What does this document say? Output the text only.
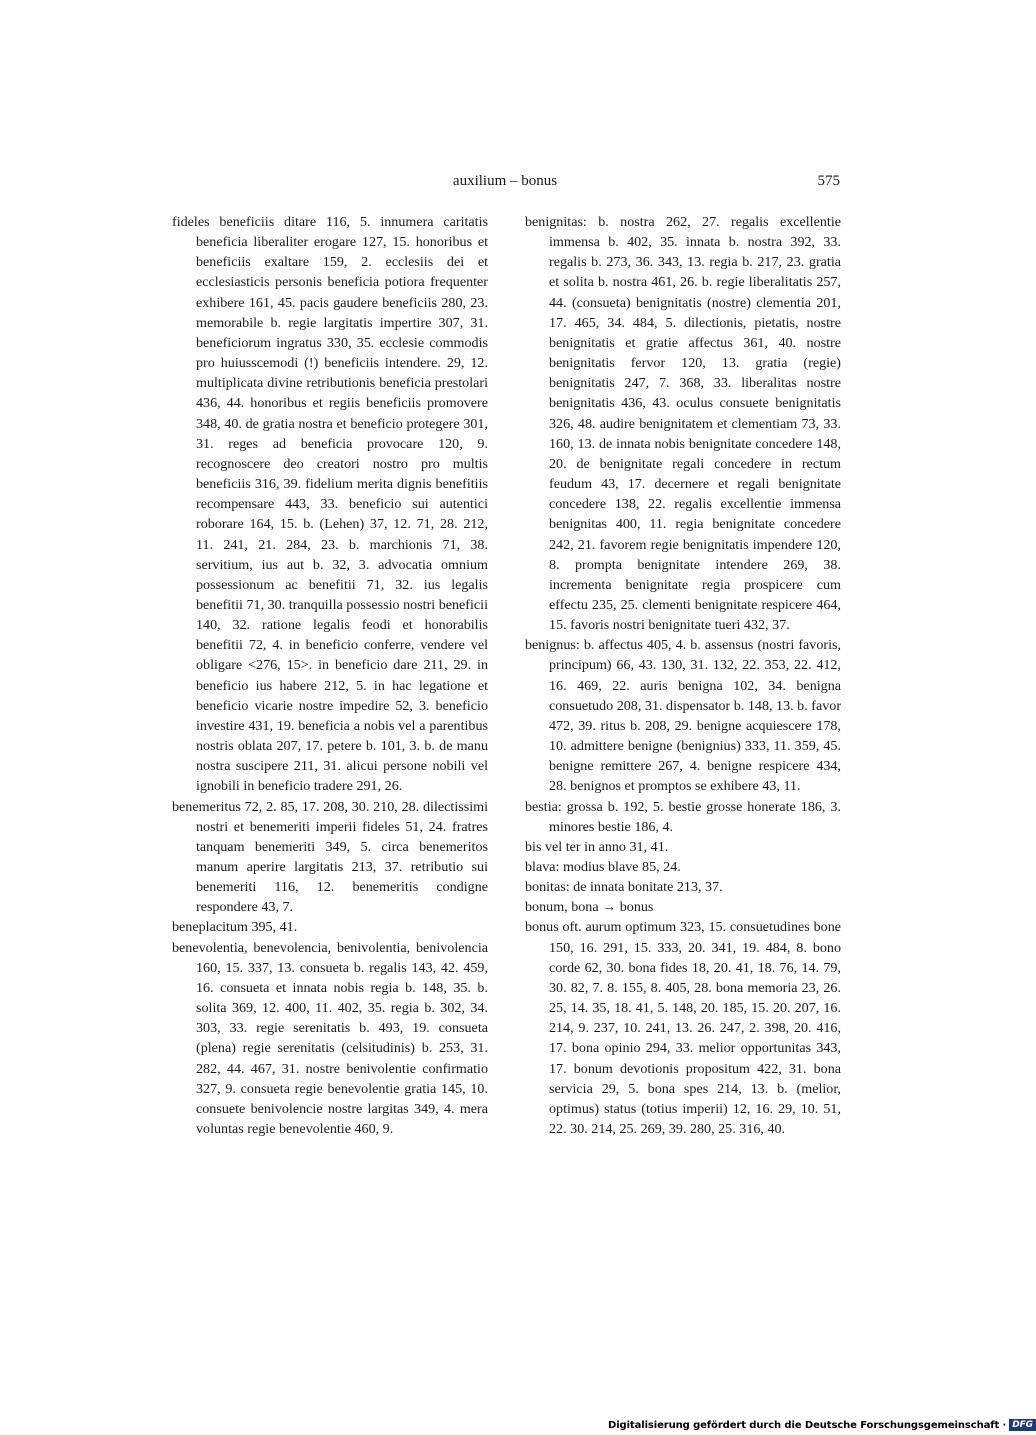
auxilium – bonus	575

fideles beneficiis ditare 116, 5. innumera caritatis beneficia liberaliter erogare 127, 15. honoribus et beneficiis exaltare 159, 2. ecclesiis dei et ecclesiasticis personis beneficia potiora frequenter exhibere 161, 45. pacis gaudere beneficiis 280, 23. memorabile b. regie largitatis impertire 307, 31. beneficiorum ingratus 330, 35. ecclesie commodis pro huiusscemodi (!) beneficiis intendere. 29, 12. multiplicata divine retributionis beneficia prestolari 436, 44. honoribus et regiis beneficiis promovere 348, 40. de gratia nostra et beneficio protegere 301, 31. reges ad beneficia provocare 120, 9. recognoscere deo creatori nostro pro multis beneficiis 316, 39. fidelium merita dignis benefitiis recompensare 443, 33. beneficio sui autentici roborare 164, 15. b. (Lehen) 37, 12. 71, 28. 212, 11. 241, 21. 284, 23. b. marchionis 71, 38. servitium, ius aut b. 32, 3. advocatia omnium possessionum ac benefitii 71, 32. ius legalis benefitii 71, 30. tranquilla possessio nostri beneficii 140, 32. ratione legalis feodi et honorabilis benefitii 72, 4. in beneficio conferre, vendere vel obligare <276, 15>. in beneficio dare 211, 29. in beneficio ius habere 212, 5. in hac legatione et beneficio vicarie nostre impedire 52, 3. beneficio investire 431, 19. beneficia a nobis vel a parentibus nostris oblata 207, 17. petere b. 101, 3. b. de manu nostra suscipere 211, 31. alicui persone nobili vel ignobili in beneficio tradere 291, 26.

benemeritus 72, 2. 85, 17. 208, 30. 210, 28. dilectissimi nostri et benemeriti imperii fideles 51, 24. fratres tanquam benemeriti 349, 5. circa benemeritos manum aperire largitatis 213, 37. retributio sui benemeriti 116, 12. benemeritis condigne respondere 43, 7.

beneplacitum 395, 41.

benevolentia, benevolencia, benivolentia, benivolencia 160, 15. 337, 13. consueta b. regalis 143, 42. 459, 16. consueta et innata nobis regia b. 148, 35. b. solita 369, 12. 400, 11. 402, 35. regia b. 302, 34. 303, 33. regie serenitatis b. 493, 19. consueta (plena) regie serenitatis (celsitudinis) b. 253, 31. 282, 44. 467, 31. nostre benivolentie confirmatio 327, 9. consueta regie benevolentie gratia 145, 10. consuete benivolencie nostre largitas 349, 4. mera voluntas regie benevolentie 460, 9.

benignitas: b. nostra 262, 27. regalis excellentie immensa b. 402, 35. innata b. nostra 392, 33. regalis b. 273, 36. 343, 13. regia b. 217, 23. gratia et solita b. nostra 461, 26. b. regie liberalitatis 257, 44. (consueta) benignitatis (nostre) clementia 201, 17. 465, 34. 484, 5. dilectionis, pietatis, nostre benignitatis et gratie affectus 361, 40. nostre benignitatis fervor 120, 13. gratia (regie) benignitatis 247, 7. 368, 33. liberalitas nostre benignitatis 436, 43. oculus consuete benignitatis 326, 48. audire benignitatem et clementiam 73, 33. 160, 13. de innata nobis benignitate concedere 148, 20. de benignitate regali concedere in rectum feudum 43, 17. decernere et regali benignitate concedere 138, 22. regalis excellentie immensa benignitas 400, 11. regia benignitate concedere 242, 21. favorem regie benignitatis impendere 120, 8. prompta benignitate intendere 269, 38. incrementa benignitate regia prospicere cum effectu 235, 25. clementi benignitate respicere 464, 15. favoris nostri benignitate tueri 432, 37.

benignus: b. affectus 405, 4. b. assensus (nostri favoris, principum) 66, 43. 130, 31. 132, 22. 353, 22. 412, 16. 469, 22. auris benigna 102, 34. benigna consuetudo 208, 31. dispensator b. 148, 13. b. favor 472, 39. ritus b. 208, 29. benigne acquiescere 178, 10. admittere benigne (benignius) 333, 11. 359, 45. benigne remittere 267, 4. benigne respicere 434, 28. benignos et promptos se exhibere 43, 11.

bestia: grossa b. 192, 5. bestie grosse honerate 186, 3. minores bestie 186, 4.

bis vel ter in anno 31, 41.

blava: modius blave 85, 24.

bonitas: de innata bonitate 213, 37.

bonum, bona → bonus

bonus oft. aurum optimum 323, 15. consuetudines bone 150, 16. 291, 15. 333, 20. 341, 19. 484, 8. bono corde 62, 30. bona fides 18, 20. 41, 18. 76, 14. 79, 30. 82, 7. 8. 155, 8. 405, 28. bona memoria 23, 26. 25, 14. 35, 18. 41, 5. 148, 20. 185, 15. 20. 207, 16. 214, 9. 237, 10. 241, 13. 26. 247, 2. 398, 20. 416, 17. bona opinio 294, 33. melior opportunitas 343, 17. bonum devotionis propositum 422, 31. bona servicia 29, 5. bona spes 214, 13. b. (melior, optimus) status (totius imperii) 12, 16. 29, 10. 51, 22. 30. 214, 25. 269, 39. 280, 25. 316, 40.

Digitalisierung gefördert durch die Deutsche Forschungsgemeinschaft · DFG
